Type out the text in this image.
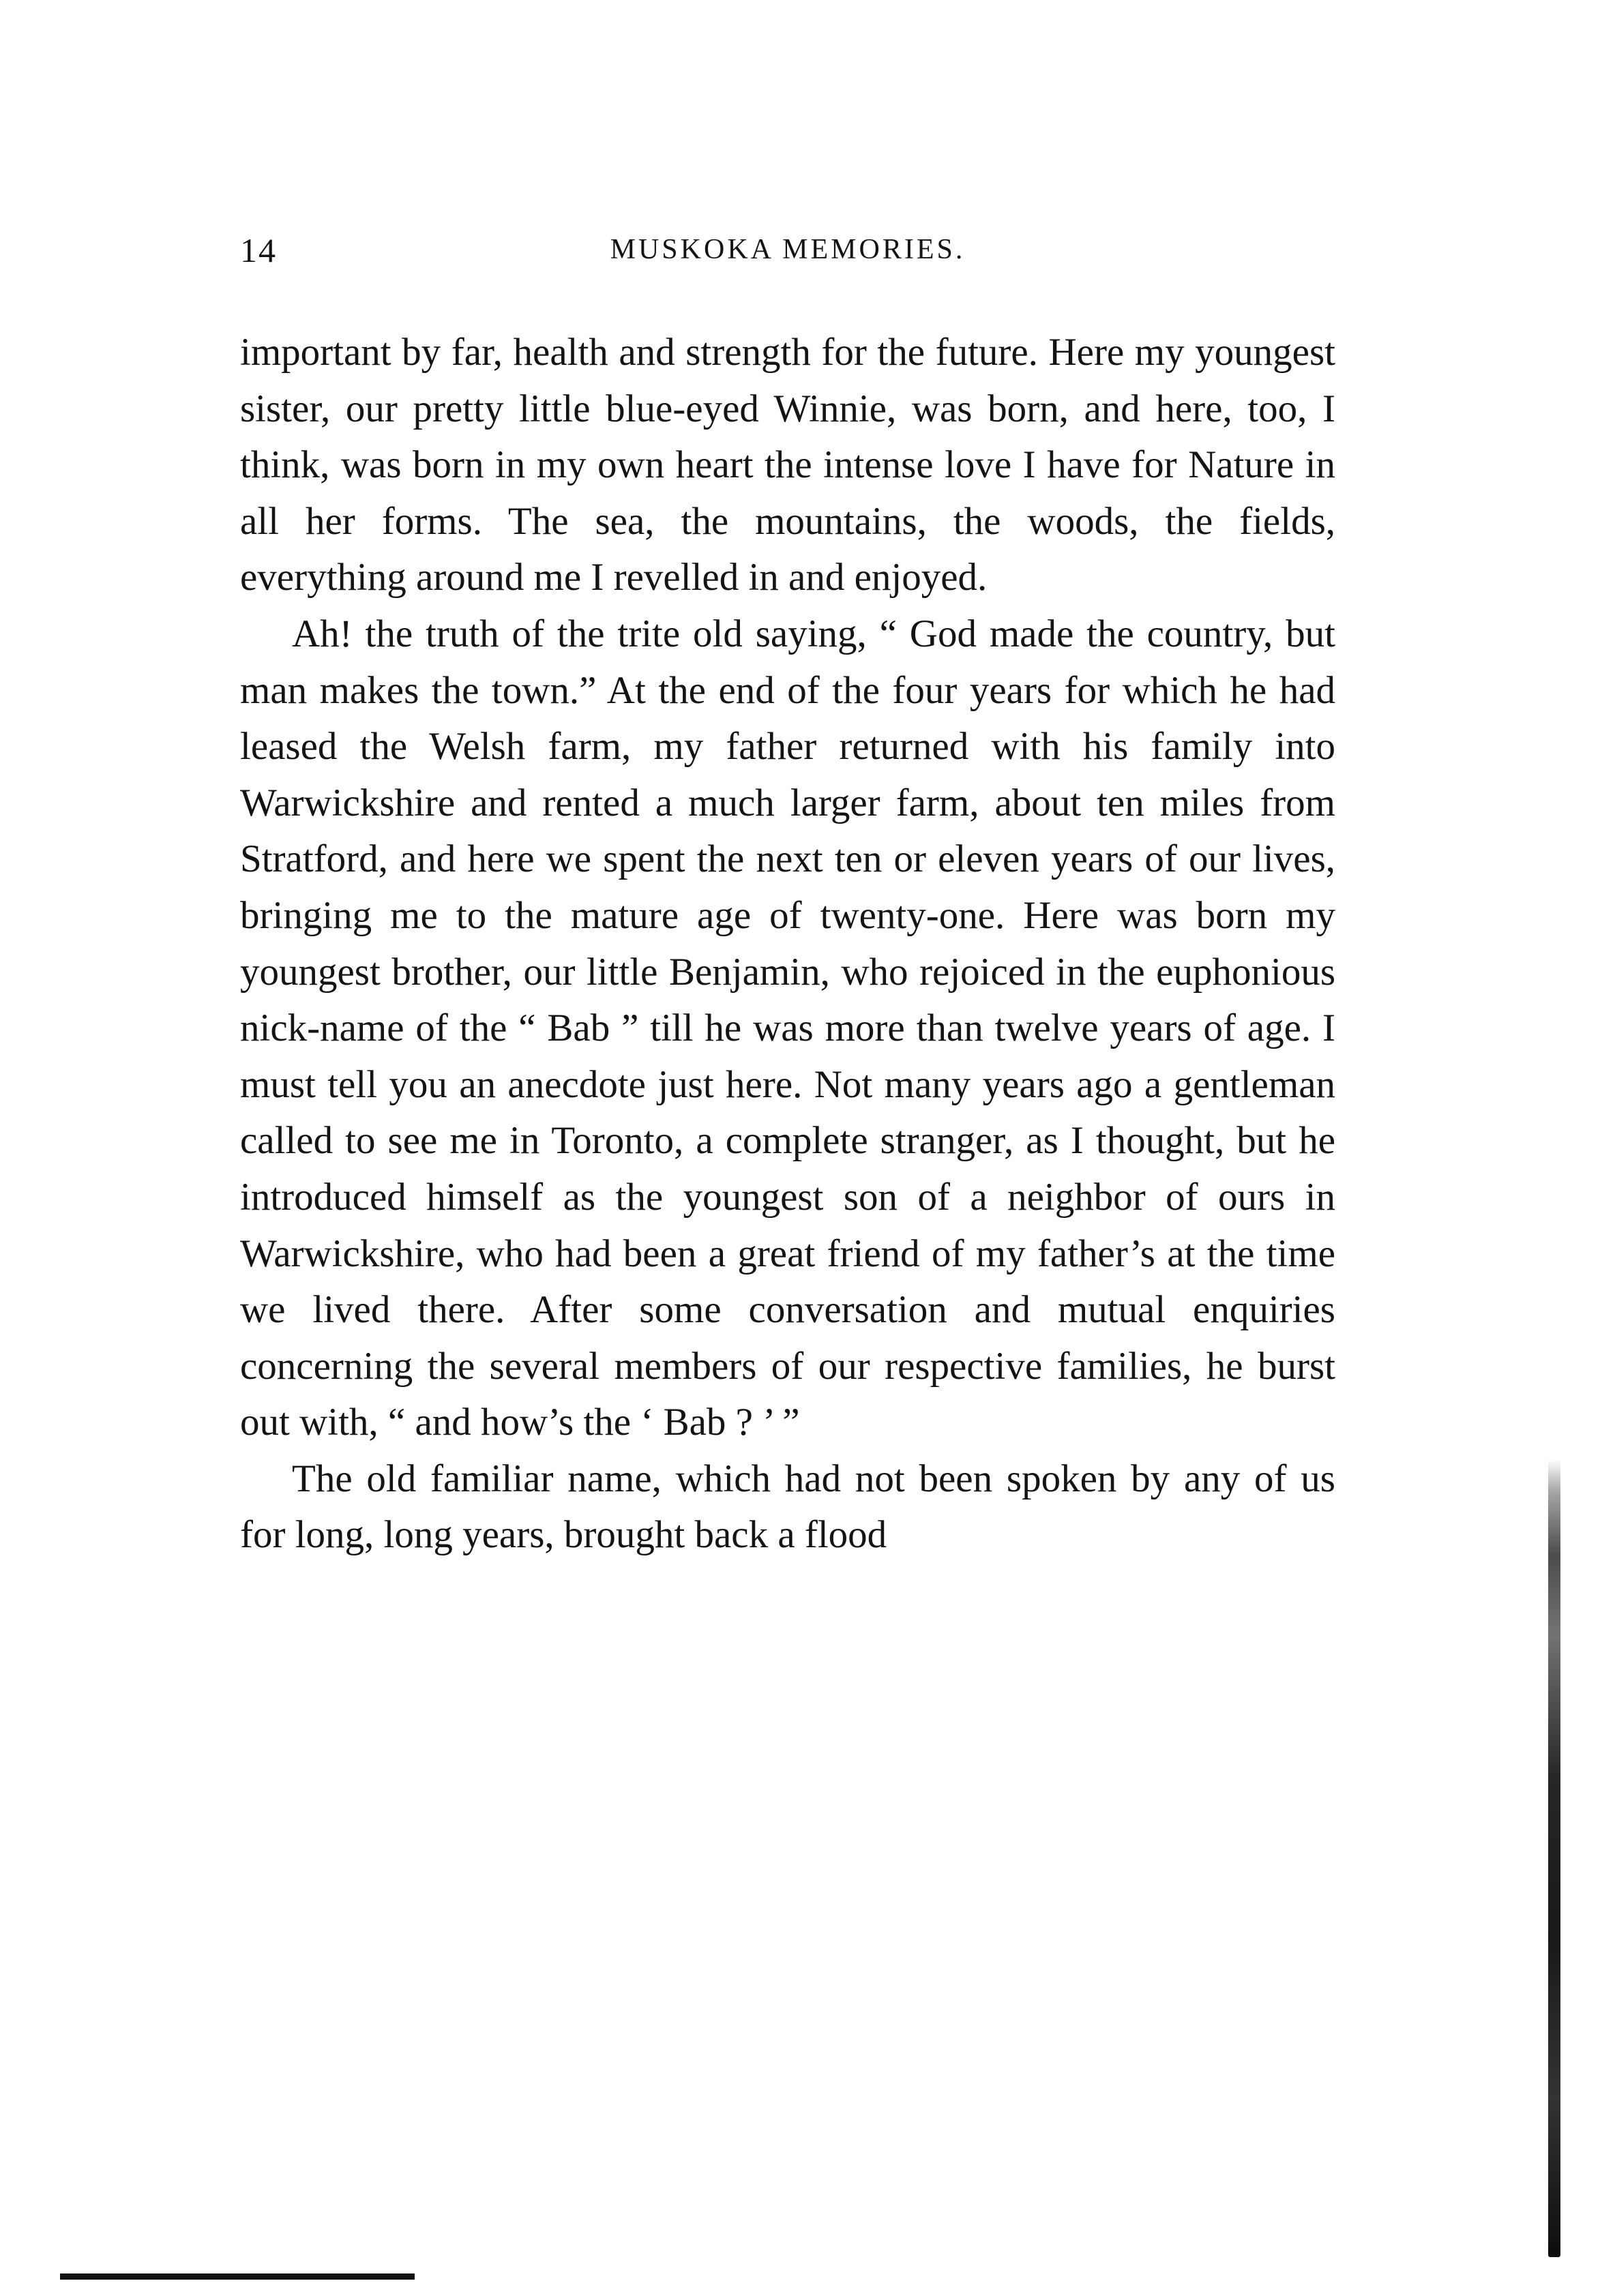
14	MUSKOKA MEMORIES.

important by far, health and strength for the future. Here my youngest sister, our pretty little blue-eyed Winnie, was born, and here, too, I think, was born in my own heart the intense love I have for Nature in all her forms. The sea, the mountains, the woods, the fields, everything around me I revelled in and enjoyed.

Ah! the truth of the trite old saying, “ God made the country, but man makes the town.” At the end of the four years for which he had leased the Welsh farm, my father returned with his family into Warwickshire and rented a much larger farm, about ten miles from Stratford, and here we spent the next ten or eleven years of our lives, bringing me to the mature age of twenty-one. Here was born my youngest brother, our little Benjamin, who rejoiced in the euphonious nick-name of the “ Bab ” till he was more than twelve years of age. I must tell you an anecdote just here. Not many years ago a gentleman called to see me in Toronto, a complete stranger, as I thought, but he introduced himself as the youngest son of a neighbor of ours in Warwickshire, who had been a great friend of my father’s at the time we lived there. After some conversation and mutual enquiries concerning the several members of our respective families, he burst out with, “ and how’s the ‘ Bab ? ’ ”

The old familiar name, which had not been spoken by any of us for long, long years, brought back a flood
